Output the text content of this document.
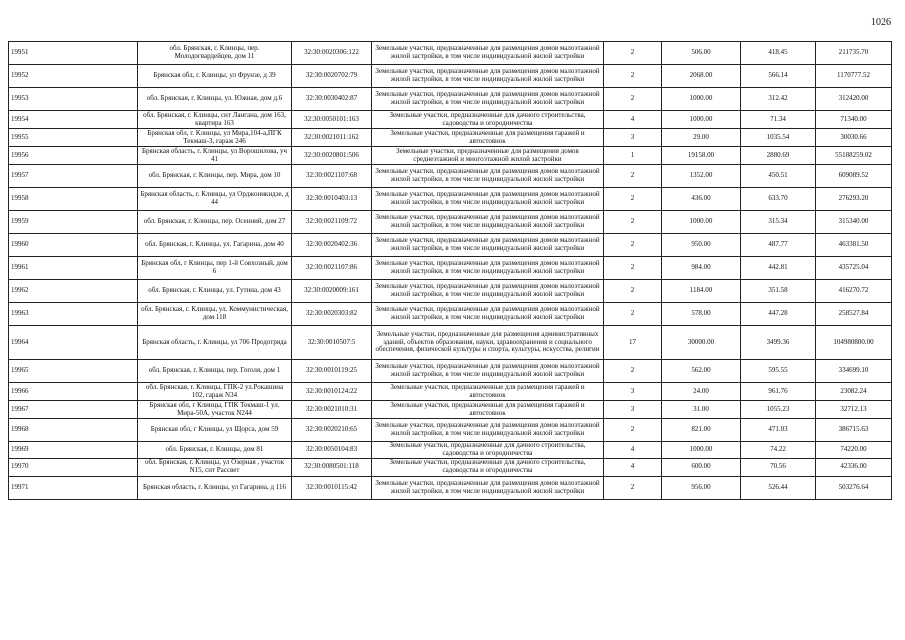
1026
19951	обл. Брянская, г. Клинцы, пер. Молодогвардейцев, дом 11	32:30:0020306:122	Земельные участки, предназначенные для размещения домов малоэтажной жилой застройки, в том числе индивидуальной жилой застройки	2	506.00	418.45	211735.70
19952	Брянская обл, г. Клинцы, ул Фрунзе, д 39	32:30:0020702:79	Земельные участки, предназначенные для размещения домов малоэтажной жилой застройки, в том числе индивидуальной жилой застройки	2	2068.00	566.14	1170777.52
19953	обл. Брянская, г. Клинцы, ул. Южная, дом д.6	32:30:0030402:87	Земельные участки, предназначенные для размещения домов малоэтажной жилой застройки, в том числе индивидуальной жилой застройки	2	1000.00	312.42	312420.00
19954	обл. Брянская, г. Клинцы, снт Лангана, дом 163, квартира 163	32:30:0050101:163	Земельные участки, предназначенные для дачного строительства, садоводства и огородничества	4	1000.00	71.34	71340.00
19955	Брянская обл, г. Клинцы, ул Мира,104-а,ПГК Текмаш-3, гараж 246	32:30:0021011:162	Земельные участки, предназначенные для размещения гаражей и автостоянок	3	29.00	1035.54	30030.66
19956	Брянская область, г. Клинцы, ул Ворошилова, уч 41	32:30:0020801:506	Земельные участки, предназначенные для размещения домов среднеэтажной и многоэтажной жилой застройки	1	19158.00	2880.69	55188259.02
19957	обл. Брянская, г. Клинцы, пер. Мира, дом 10	32:30:0021107:68	Земельные участки, предназначенные для размещения домов малоэтажной жилой застройки, в том числе индивидуальной жилой застройки	2	1352.00	450.51	609089.52
19958	Брянская область, г. Клинцы, ул Орджоникидзе, д 44	32:30:0010403:13	Земельные участки, предназначенные для размещения домов малоэтажной жилой застройки, в том числе индивидуальной жилой застройки	2	436.00	633.70	276293.20
19959	обл. Брянская, г. Клинцы, пер. Осенний, дом 27	32:30:0021109:72	Земельные участки, предназначенные для размещения домов малоэтажной жилой застройки, в том числе индивидуальной жилой застройки	2	1000.00	315.34	315340.00
19960	обл. Брянская, г. Клинцы, ул. Гагарина, дом 40	32:30:0020402:36	Земельные участки, предназначенные для размещения домов малоэтажной жилой застройки, в том числе индивидуальной жилой застройки	2	950.00	487.77	463381.50
19961	Брянская обл, г Клинцы, пер 1-й Совхозный, дом 6	32:30:0021107:86	Земельные участки, предназначенные для размещения домов малоэтажной жилой застройки, в том числе индивидуальной жилой застройки	2	984.00	442.81	435725.04
19962	обл. Брянская, г. Клинцы, ул. Гутина, дом 43	32:30:0020009:161	Земельные участки, предназначенные для размещения домов малоэтажной жилой застройки, в том числе индивидуальной жилой застройки	2	1184.00	351.58	416270.72
19963	обл. Брянская, г. Клинцы, ул. Коммунистическая, дом 118	32:30:0020303:82	Земельные участки, предназначенные для размещения домов малоэтажной жилой застройки, в том числе индивидуальной жилой застройки	2	578.00	447.28	258527.84
19964	Брянская область, г. Клинцы, ул 706 Продотряда	32:30:0010507:5	Земельные участки, предназначенные для размещения административных зданий, объектов образования, науки, здравоохранения и социального обеспечения, физической культуры и спорта, культуры, искусства, религии	17	30000.00	3499.36	104980800.00
19965	обл. Брянская, г. Клинцы, пер. Гоголя, дом 1	32:30:0010119:25	Земельные участки, предназначенные для размещения домов малоэтажной жилой застройки, в том числе индивидуальной жилой застройки	2	562.00	595.55	334699.10
19966	обл. Брянская, г. Клинцы, ГПК-2 ул.Рокашина 102, гараж N34	32:30:0010124:22	Земельные участки, предназначенные для размещения гаражей и автостоянок	3	24.00	961.76	23082.24
19967	Брянская обл, г Клинцы, ГПК Текмаш-1 ул. Мира-50А, участок N244	32:30:0021010:31	Земельные участки, предназначенные для размещения гаражей и автостоянок	3	31.00	1055.23	32712.13
19968	Брянская обл, г Клинцы, ул Щорса, дом 59	32:30:0020210:65	Земельные участки, предназначенные для размещения домов малоэтажной жилой застройки, в том числе индивидуальной жилой застройки	2	821.00	471.03	386715.63
19969	обл. Брянская, г. Клинцы, дом 81	32:30:0050104:83	Земельные участки, предназначенные для дачного строительства, садоводства и огородничества	4	1000.00	74.22	74220.00
19970	обл. Брянская, г. Клинцы, ул Озерная , участок N15, снт Рассвет	32:30:0080501:118	Земельные участки, предназначенные для дачного строительства, садоводства и огородничества	4	600.00	70.56	42336.00
19971	Брянская область, г. Клинцы, ул Гагарина, д 116	32:30:0010115:42	Земельные участки, предназначенные для размещения домов малоэтажной жилой застройки, в том числе индивидуальной жилой застройки	2	956.00	526.44	503276.64
